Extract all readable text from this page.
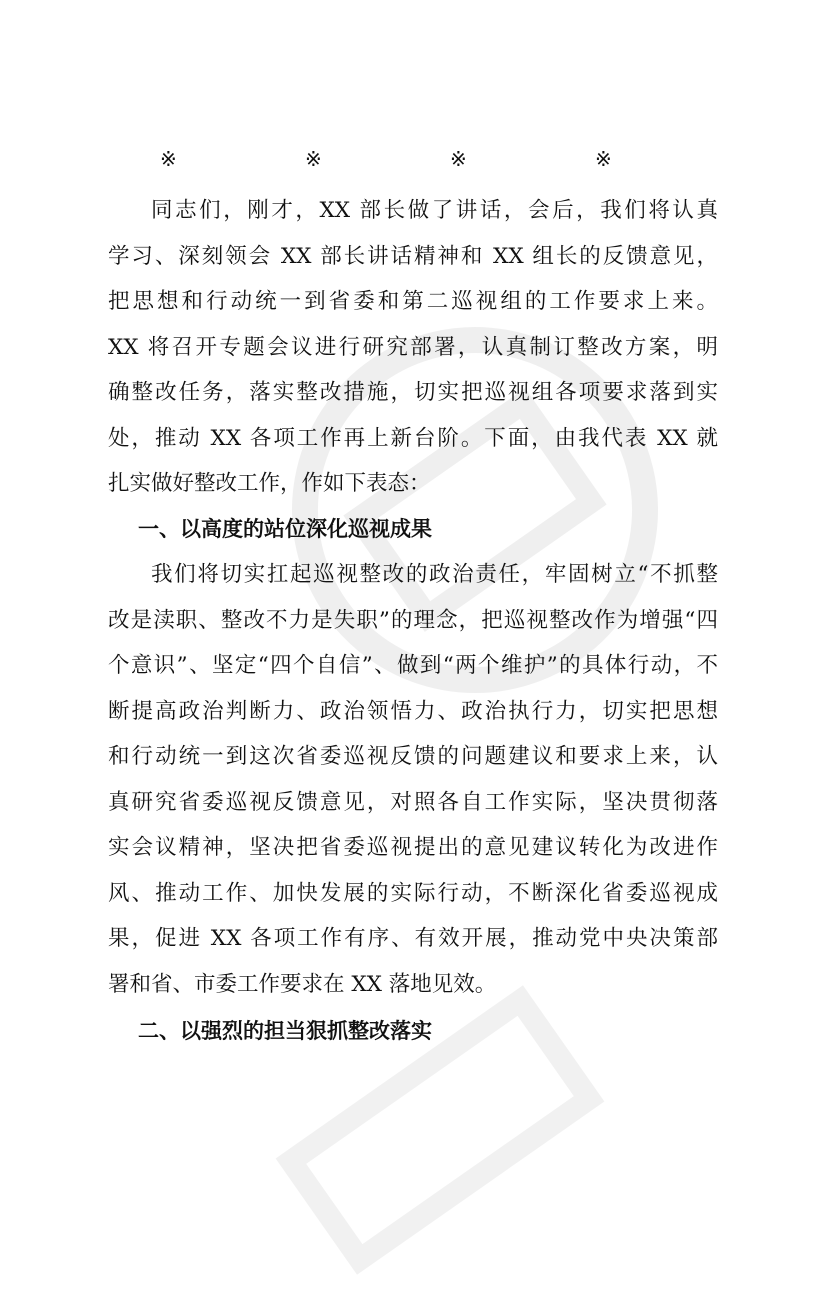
※	※	※	※
同志们，刚才，XX 部长做了讲话，会后，我们将认真
学习、深刻领会 XX 部长讲话精神和 XX 组长的反馈意见，
把思想和行动统一到省委和第二巡视组的工作要求上来。
XX 将召开专题会议进行研究部署，认真制订整改方案，明
确整改任务，落实整改措施，切实把巡视组各项要求落到实
处，推动 XX 各项工作再上新台阶。下面，由我代表 XX 就
扎实做好整改工作，作如下表态：
一、以高度的站位深化巡视成果
我们将切实扛起巡视整改的政治责任，牢固树立“不抓整
改是渎职、整改不力是失职”的理念，把巡视整改作为增强“四
个意识”、坚定“四个自信”、做到“两个维护”的具体行动，不
断提高政治判断力、政治领悟力、政治执行力，切实把思想
和行动统一到这次省委巡视反馈的问题建议和要求上来，认
真研究省委巡视反馈意见，对照各自工作实际，坚决贯彻落
实会议精神，坚决把省委巡视提出的意见建议转化为改进作
风、推动工作、加快发展的实际行动，不断深化省委巡视成
果，促进 XX 各项工作有序、有效开展，推动党中央决策部
署和省、市委工作要求在 XX 落地见效。
二、以强烈的担当狠抓整改落实
